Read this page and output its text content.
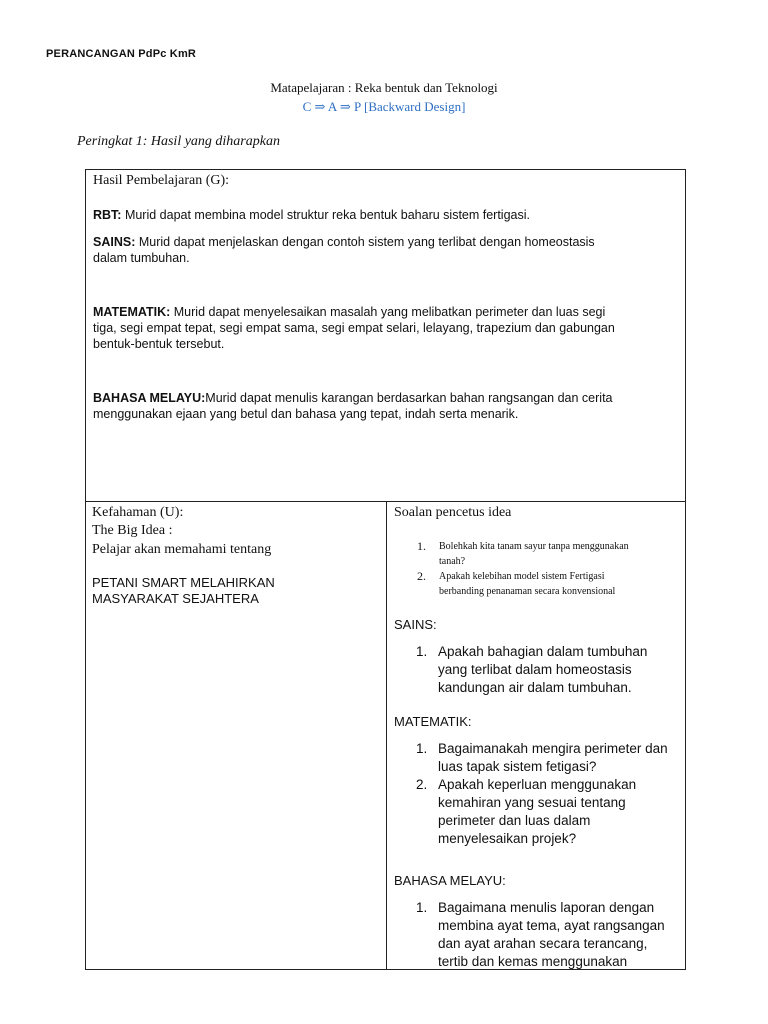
PERANCANGAN PdPc KmR
Matapelajaran : Reka bentuk dan Teknologi
C ⇒ A ⇒ P [Backward Design]
Peringkat 1: Hasil yang diharapkan
Hasil Pembelajaran (G):
RBT: Murid dapat membina model struktur reka bentuk baharu sistem fertigasi.
SAINS: Murid dapat menjelaskan dengan contoh sistem yang terlibat dengan homeostasis
dalam tumbuhan.
MATEMATIK: Murid dapat menyelesaikan masalah yang melibatkan perimeter dan luas segi
tiga, segi empat tepat, segi empat sama, segi empat selari, lelayang, trapezium dan gabungan
bentuk-bentuk tersebut.
BAHASA MELAYU:Murid dapat menulis karangan berdasarkan bahan rangsangan dan cerita
menggunakan ejaan yang betul dan bahasa yang tepat, indah serta menarik.
Kefahaman (U):
The Big Idea :
Pelajar akan memahami tentang
PETANI SMART MELAHIRKAN
MASYARAKAT SEJAHTERA
Soalan pencetus idea
1. Bolehkah kita tanam sayur tanpa menggunakan
tanah?
2. Apakah kelebihan model sistem Fertigasi
berbanding penanaman secara konvensional
SAINS:
1. Apakah bahagian dalam tumbuhan
yang terlibat dalam homeostasis
kandungan air dalam tumbuhan.
MATEMATIK:
1. Bagaimanakah mengira perimeter dan
luas tapak sistem fetigasi?
2. Apakah keperluan menggunakan
kemahiran yang sesuai tentang
perimeter dan luas dalam
menyelesaikan projek?
BAHASA MELAYU:
1. Bagaimana menulis laporan dengan
membina ayat tema, ayat rangsangan
dan ayat arahan secara terancang,
tertib dan kemas menggunakan
